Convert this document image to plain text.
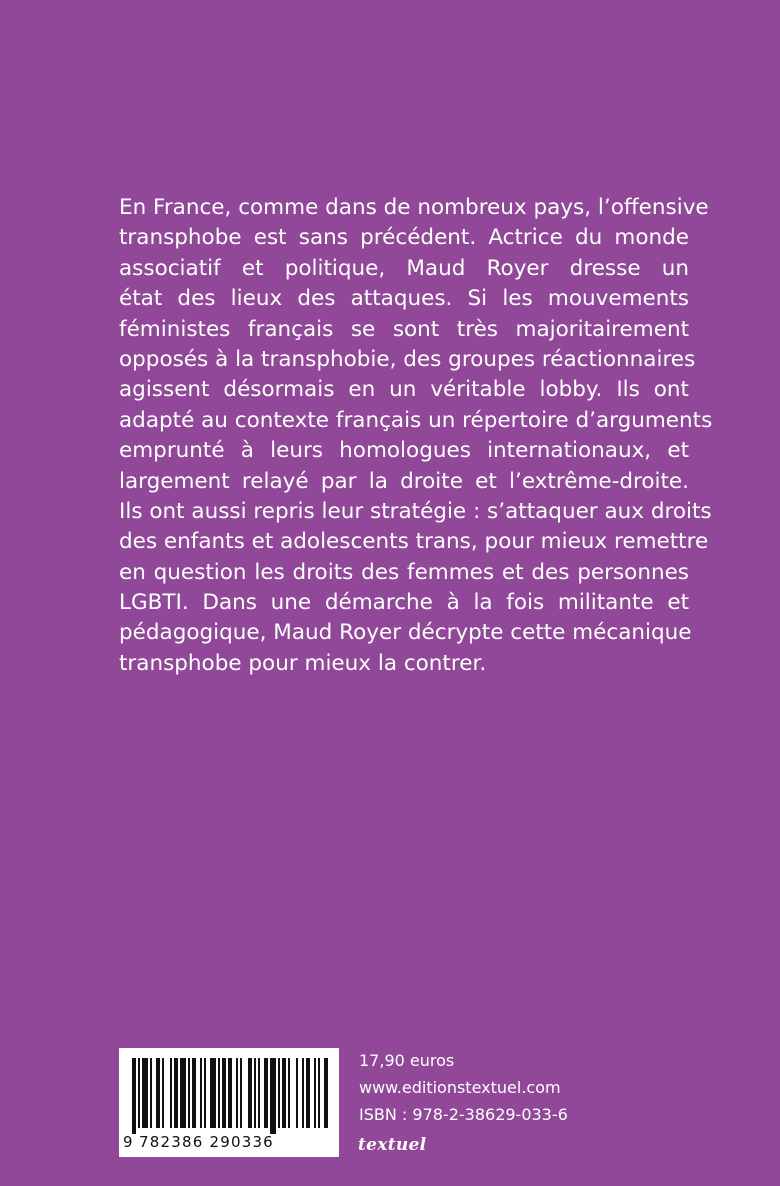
En France, comme dans de nombreux pays, l’offensive
transphobe est sans précédent. Actrice du monde
associatif et politique, Maud Royer dresse un
état des lieux des attaques. Si les mouvements
féministes français se sont très majoritairement
opposés à la transphobie, des groupes réactionnaires
agissent désormais en un véritable lobby. Ils ont
adapté au contexte français un répertoire d’arguments
emprunté à leurs homologues internationaux, et
largement relayé par la droite et l’extrême-droite.
Ils ont aussi repris leur stratégie : s’attaquer aux droits
des enfants et adolescents trans, pour mieux remettre
en question les droits des femmes et des personnes
LGBTI. Dans une démarche à la fois militante et
pédagogique, Maud Royer décrypte cette mécanique
transphobe pour mieux la contrer.
9 782386 290336
17,90 euros
www.editionstextuel.com
ISBN : 978-2-38629-033-6
textuel
